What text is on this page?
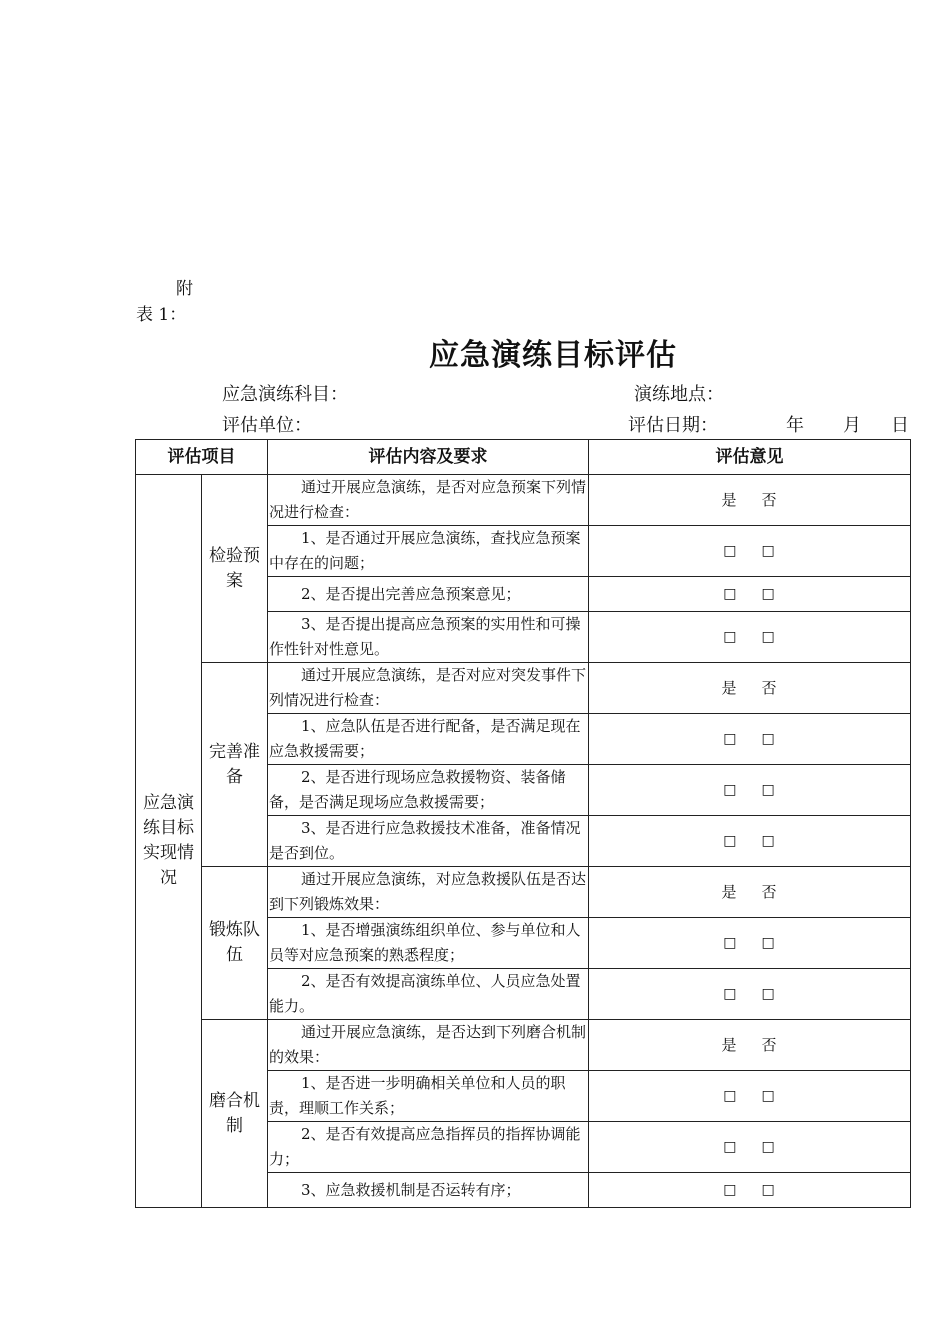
附
表 1：
应急演练目标评估
应急演练科目：	演练地点：
评估单位：	评估日期：	年 月 日
评估项目		评估内容及要求	评估意见
应急演练目标实现情况	检验预案	通过开展应急演练，是否对应急预案下列情况进行检查：	是 否
		1、是否通过开展应急演练，查找应急预案中存在的问题；	□ □
		2、是否提出完善应急预案意见；	□ □
		3、是否提出提高应急预案的实用性和可操作性针对性意见。	□ □
	完善准备	通过开展应急演练，是否对应对突发事件下列情况进行检查：	是 否
		1、应急队伍是否进行配备，是否满足现在应急救援需要；	□ □
		2、是否进行现场应急救援物资、装备储备，是否满足现场应急救援需要；	□ □
		3、是否进行应急救援技术准备，准备情况是否到位。	□ □
	锻炼队伍	通过开展应急演练，对应急救援队伍是否达到下列锻炼效果：	是 否
		1、是否增强演练组织单位、参与单位和人员等对应急预案的熟悉程度；	□ □
		2、是否有效提高演练单位、人员应急处置能力。	□ □
	磨合机制	通过开展应急演练，是否达到下列磨合机制的效果：	是 否
		1、是否进一步明确相关单位和人员的职责，理顺工作关系；	□ □
		2、是否有效提高应急指挥员的指挥协调能力；	□ □
		3、应急救援机制是否运转有序；	□ □
